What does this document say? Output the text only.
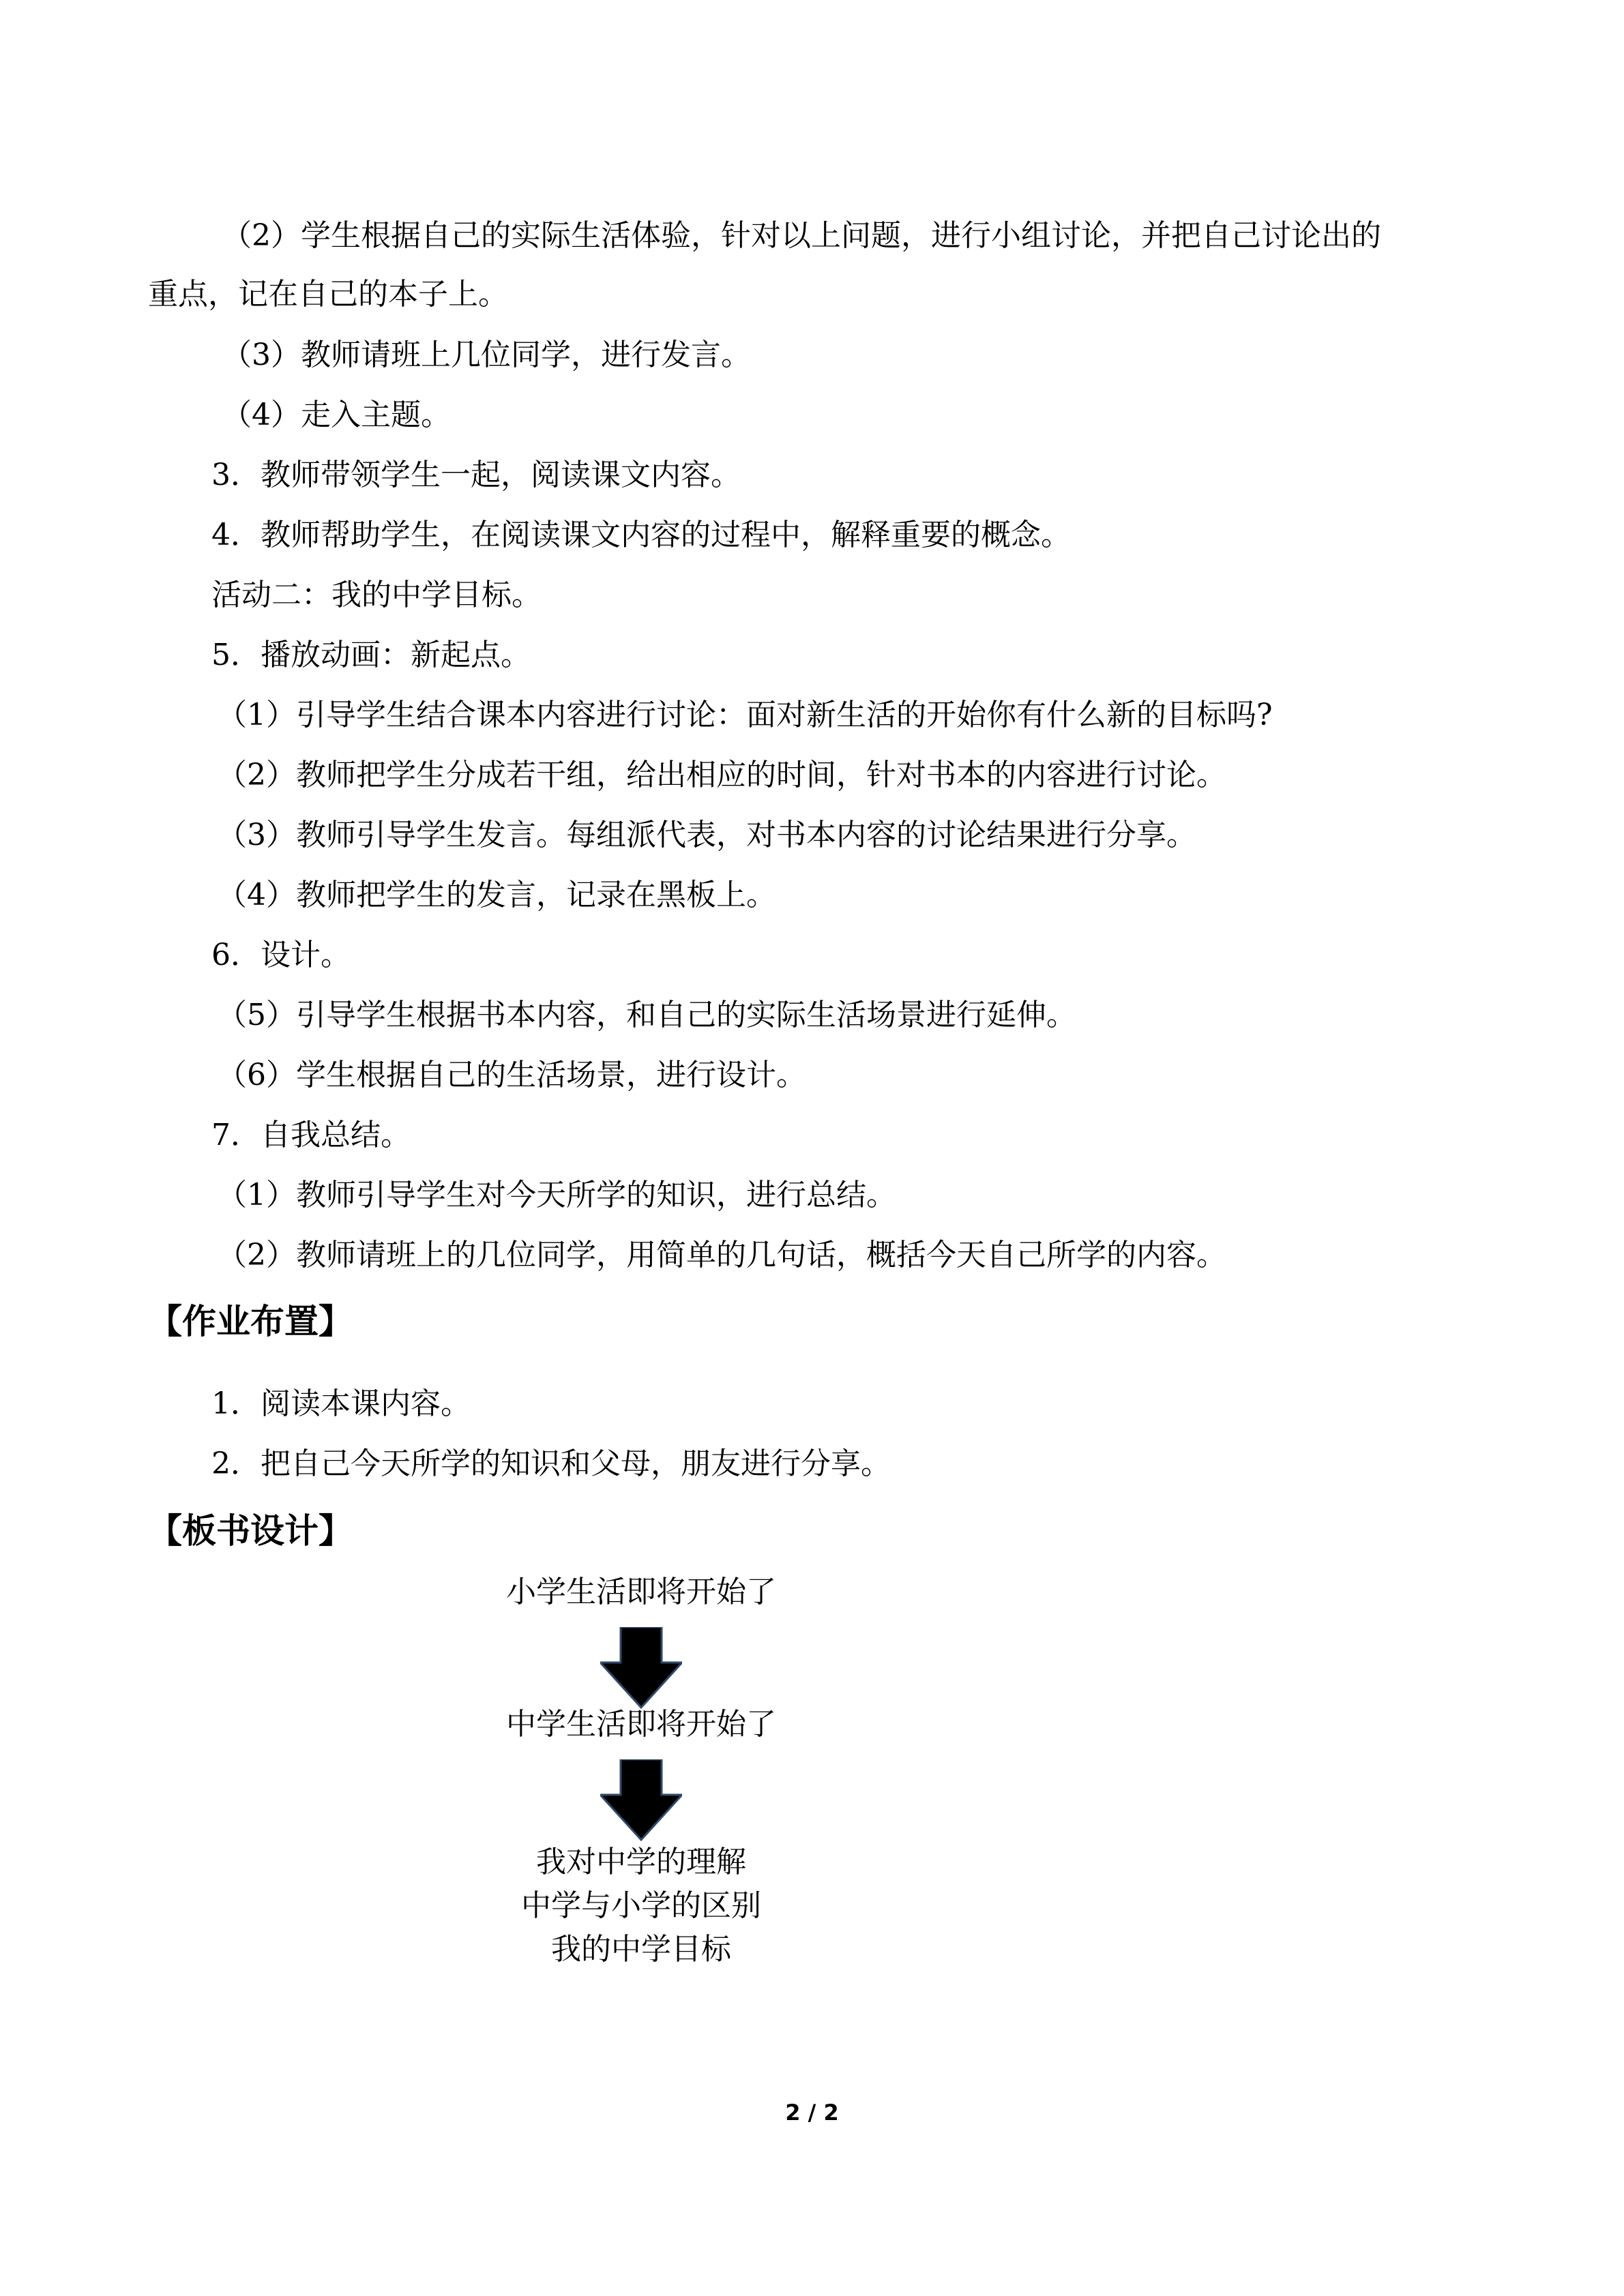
（2）学生根据自己的实际生活体验，针对以上问题，进行小组讨论，并把自己讨论出的
重点，记在自己的本子上。
（3）教师请班上几位同学，进行发言。
（4）走入主题。
3．教师带领学生一起，阅读课文内容。
4．教师帮助学生，在阅读课文内容的过程中，解释重要的概念。
活动二：我的中学目标。
5．播放动画：新起点。
（1）引导学生结合课本内容进行讨论：面对新生活的开始你有什么新的目标吗?
（2）教师把学生分成若干组，给出相应的时间，针对书本的内容进行讨论。
（3）教师引导学生发言。每组派代表，对书本内容的讨论结果进行分享。
（4）教师把学生的发言，记录在黑板上。
6．设计。
（5）引导学生根据书本内容，和自己的实际生活场景进行延伸。
（6）学生根据自己的生活场景，进行设计。
7．自我总结。
（1）教师引导学生对今天所学的知识，进行总结。
（2）教师请班上的几位同学，用简单的几句话，概括今天自己所学的内容。
【作业布置】
1．阅读本课内容。
2．把自己今天所学的知识和父母，朋友进行分享。
【板书设计】
小学生活即将开始了
中学生活即将开始了
我对中学的理解
中学与小学的区别
我的中学目标
2 / 2
